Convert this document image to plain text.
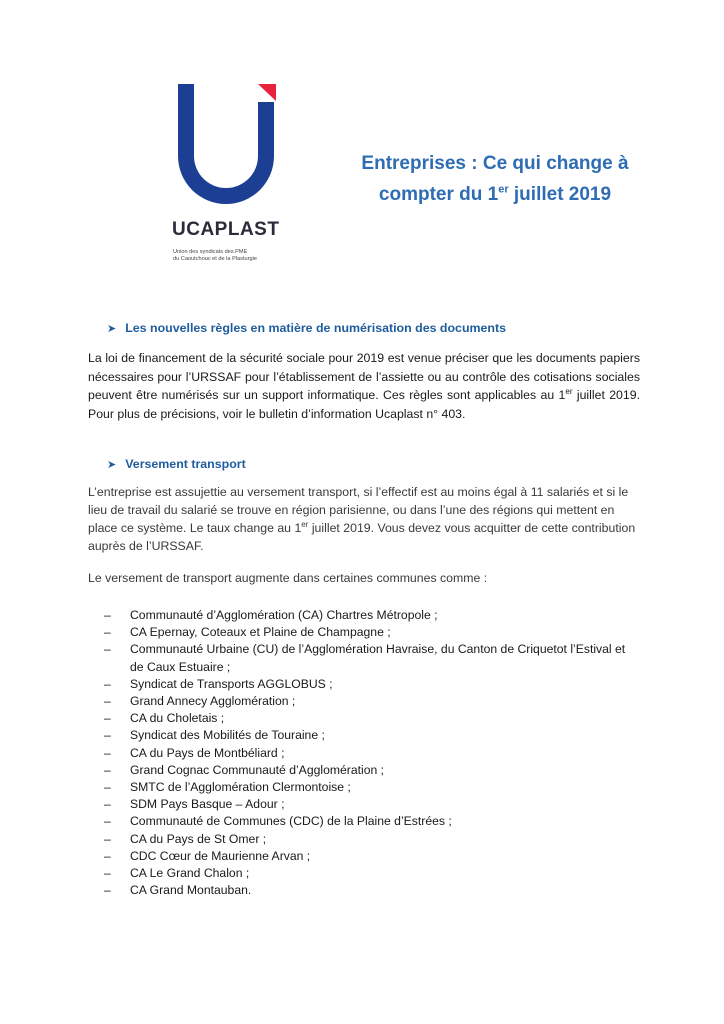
UCAPLAST
Union des syndicats des PME
du Caoutchouc et de la Plasturgie
Entreprises : Ce qui change à
compter du 1er juillet 2019
➤ Les nouvelles règles en matière de numérisation des documents
La loi de financement de la sécurité sociale pour 2019 est venue préciser que les documents papiers
nécessaires pour l’URSSAF pour l’établissement de l’assiette ou au contrôle des cotisations sociales
peuvent être numérisés sur un support informatique. Ces règles sont applicables au 1er juillet 2019.
Pour plus de précisions, voir le bulletin d’information Ucaplast n° 403.
➤ Versement transport
L’entreprise est assujettie au versement transport, si l’effectif est au moins égal à 11 salariés et si le
lieu de travail du salarié se trouve en région parisienne, ou dans l’une des régions qui mettent en
place ce système. Le taux change au 1er juillet 2019. Vous devez vous acquitter de cette contribution
auprès de l’URSSAF.
Le versement de transport augmente dans certaines communes comme :
– Communauté d’Agglomération (CA) Chartres Métropole ;
– CA Epernay, Coteaux et Plaine de Champagne ;
– Communauté Urbaine (CU) de l’Agglomération Havraise, du Canton de Criquetot l’Estival et
de Caux Estuaire ;
– Syndicat de Transports AGGLOBUS ;
– Grand Annecy Agglomération ;
– CA du Choletais ;
– Syndicat des Mobilités de Touraine ;
– CA du Pays de Montbéliard ;
– Grand Cognac Communauté d’Agglomération ;
– SMTC de l’Agglomération Clermontoise ;
– SDM Pays Basque – Adour ;
– Communauté de Communes (CDC) de la Plaine d’Estrées ;
– CA du Pays de St Omer ;
– CDC Cœur de Maurienne Arvan ;
– CA Le Grand Chalon ;
– CA Grand Montauban.
